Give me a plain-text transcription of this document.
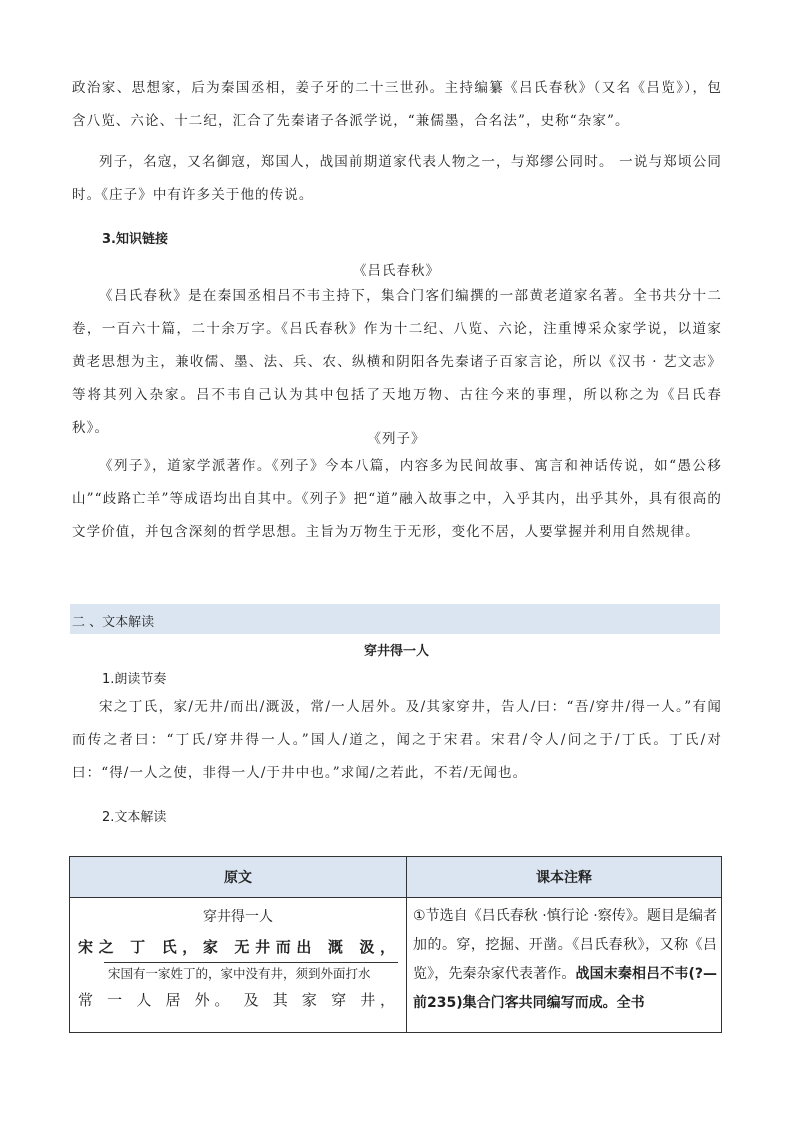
政治家、思想家，后为秦国丞相，姜子牙的二十三世孙。主持编纂《吕氏春秋》（又名《吕览》），包含八览、六论、十二纪，汇合了先秦诸子各派学说，“兼儒墨，合名法”，史称“杂家”。

列子，名寇，又名御寇，郑国人，战国前期道家代表人物之一，与郑缪公同时。 一说与郑顷公同时。《庄子》中有许多关于他的传说。

3.知识链接

《吕氏春秋》

《吕氏春秋》是在秦国丞相吕不韦主持下，集合门客们编撰的一部黄老道家名著。全书共分十二卷，一百六十篇，二十余万字。《吕氏春秋》作为十二纪、八览、六论，注重博采众家学说，以道家黄老思想为主，兼收儒、墨、法、兵、农、纵横和阴阳各先秦诸子百家言论，所以《汉书 · 艺文志》等将其列入杂家。吕不韦自己认为其中包括了天地万物、古往今来的事理，所以称之为《吕氏春秋》。

《列子》

《列子》，道家学派著作。《列子》今本八篇，内容多为民间故事、寓言和神话传说，如“愚公移山”“歧路亡羊”等成语均出自其中。《列子》把“道”融入故事之中，入乎其内，出乎其外，具有很高的文学价值，并包含深刻的哲学思想。主旨为万物生于无形，变化不居，人要掌握并利用自然规律。

二 、文本解读

穿井得一人

1.朗读节奏

宋之丁氏，家/无井/而出/溉汲，常/一人居外。及/其家穿井，告人/曰：“吾/穿井/得一人。”有闻而传之者曰：“丁氏/穿井得一人。”国人/道之，闻之于宋君。宋君/令人/问之于/丁氏。丁氏/对曰：“得/一人之使，非得一人/于井中也。”求闻/之若此，不若/无闻也。

2.文本解读

原文	课本注释

穿井得一人
宋之 丁 氏，家 无井而出 溉 汲，
宋国有一家姓丁的，家中没有井，须到外面打水
常 一 人 居 外。 及 其 家 穿 井，	①节选自《吕氏春秋 ·慎行论 ·察传》。题目是编者加的。穿，挖掘、开凿。《吕氏春秋》，又称《吕览》，先秦杂家代表著作。战国末秦相吕不韦(?—前235)集合门客共同编写而成。全书
